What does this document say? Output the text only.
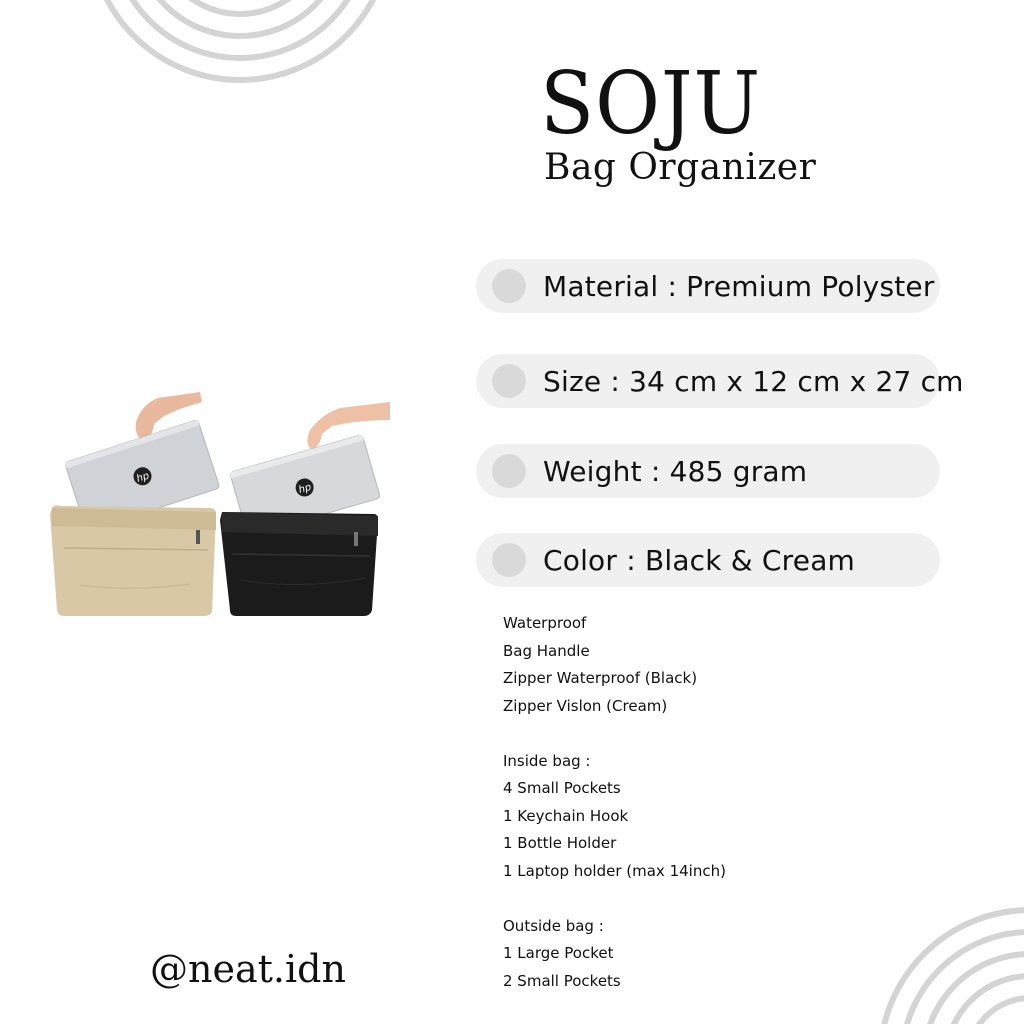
SOJU
Bag Organizer
Material : Premium Polyster
Size : 34 cm x 12 cm x 27 cm
Weight : 485 gram
Color : Black & Cream
Waterproof
Bag Handle
Zipper Waterproof (Black)
Zipper Vislon (Cream)
Inside bag :
4 Small Pockets
1 Keychain Hook
1 Bottle Holder
1 Laptop holder (max 14inch)
Outside bag :
1 Large Pocket
2 Small Pockets
@neat.idn
hp
hp
